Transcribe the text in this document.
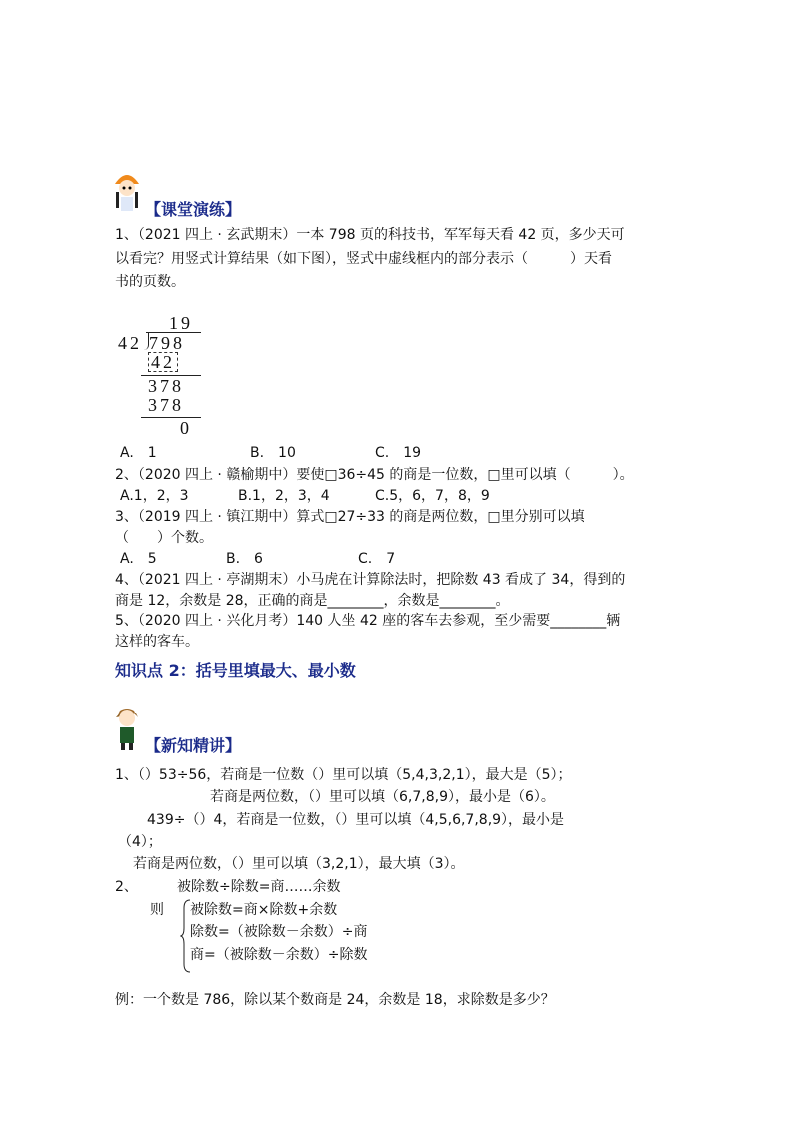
【课堂演练】
1、（2021 四上 · 玄武期末）一本 798 页的科技书，军军每天看 42 页，多少天可
以看完？用竖式计算结果（如下图），竖式中虚线框内的部分表示（　　　）天看
书的页数。
19
42 798
42
378
378
0
A.　1	B.　10	C.　19
2、（2020 四上 · 赣榆期中）要使□36÷45 的商是一位数，□里可以填（　　　）。
A.1，2，3	B.1，2，3，4	C.5，6，7，8，9
3、（2019 四上 · 镇江期中）算式□27÷33 的商是两位数，□里分别可以填
（　　）个数。
A.　5	B.　6	C.　7
4、（2021 四上 · 亭湖期末）小马虎在计算除法时，把除数 43 看成了 34，得到的
商是 12，余数是 28，正确的商是________，余数是________。
5、（2020 四上 · 兴化月考）140 人坐 42 座的客车去参观，至少需要________辆
这样的客车。
知识点 2：括号里填最大、最小数
【新知精讲】
1、（）53÷56，若商是一位数（）里可以填（5,4,3,2,1），最大是（5）；
若商是两位数，（）里可以填（6,7,8,9），最小是（6）。
439÷（）4，若商是一位数，（）里可以填（4,5,6,7,8,9），最小是
（4）；
若商是两位数，（）里可以填（3,2,1），最大填（3）。
2、	被除数÷除数=商……余数
则 被除数=商×除数+余数
除数=（被除数－余数）÷商
商=（被除数－余数）÷除数
例：一个数是 786，除以某个数商是 24，余数是 18，求除数是多少？
